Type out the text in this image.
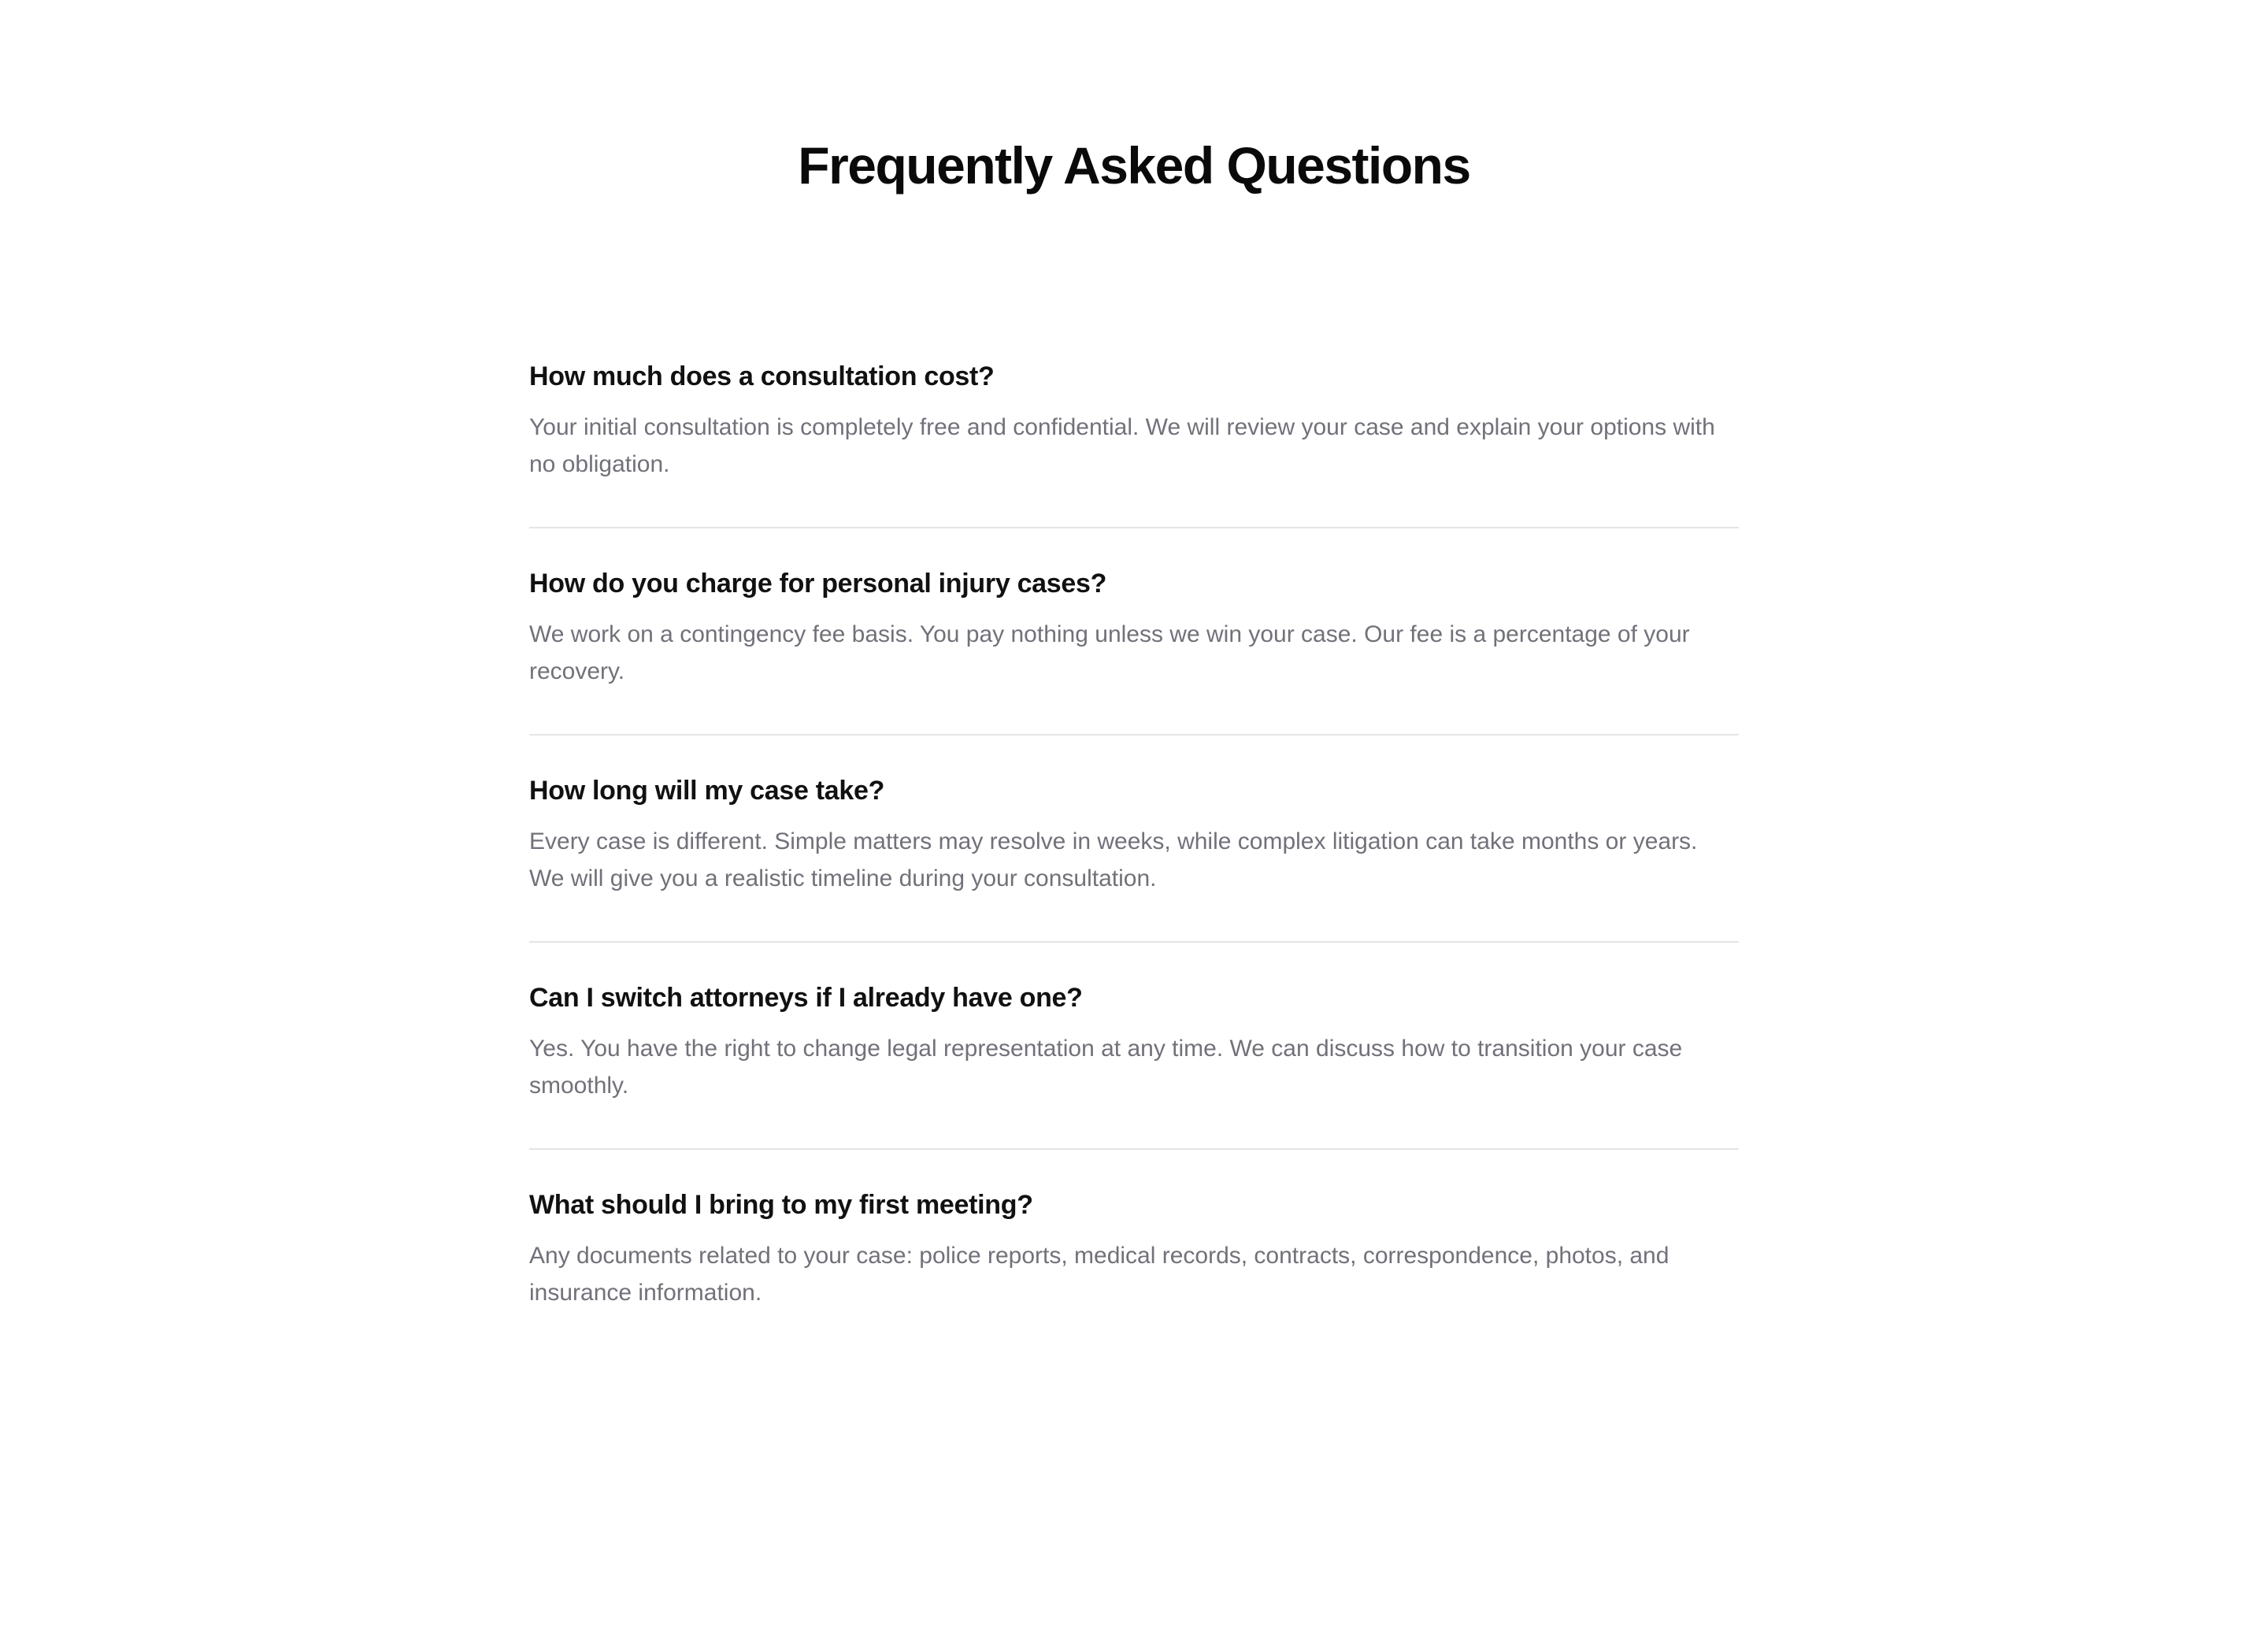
Frequently Asked Questions
How much does a consultation cost?

Your initial consultation is completely free and confidential. We will review your case and explain your options with no obligation.

How do you charge for personal injury cases?

We work on a contingency fee basis. You pay nothing unless we win your case. Our fee is a percentage of your recovery.

How long will my case take?

Every case is different. Simple matters may resolve in weeks, while complex litigation can take months or years. We will give you a realistic timeline during your consultation.

Can I switch attorneys if I already have one?

Yes. You have the right to change legal representation at any time. We can discuss how to transition your case smoothly.

What should I bring to my first meeting?

Any documents related to your case: police reports, medical records, contracts, correspondence, photos, and insurance information.
